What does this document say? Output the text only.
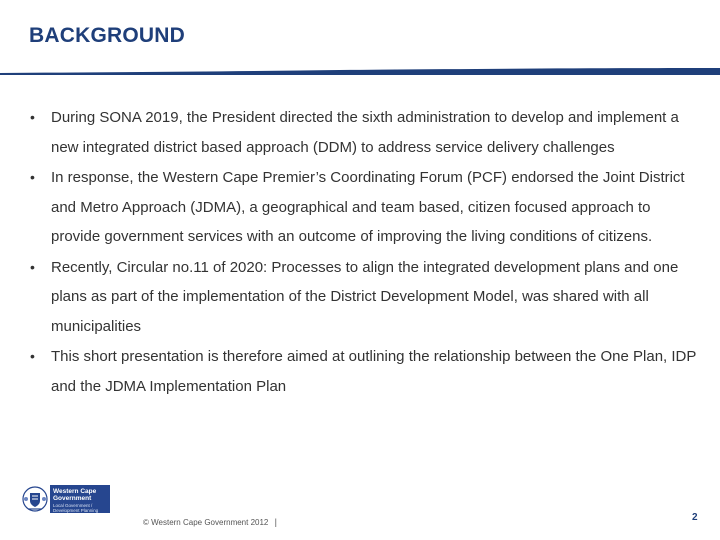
BACKGROUND
• During SONA 2019, the President directed the sixth administration to develop and implement a new integrated district based approach (DDM) to address service delivery challenges
• In response, the Western Cape Premier’s Coordinating Forum (PCF) endorsed the Joint District and Metro Approach (JDMA), a geographical and team based, citizen focused approach to provide government services with an outcome of improving the living conditions of citizens.
• Recently, Circular no.11 of 2020: Processes to align the integrated development plans and one plans as part of the implementation of the District Development Model, was shared with all municipalities
• This short presentation is therefore aimed at outlining the relationship between the One Plan, IDP and the JDMA Implementation Plan
Western Cape
Government
Local Government / Development Planning
© Western Cape Government 2012 |	2
